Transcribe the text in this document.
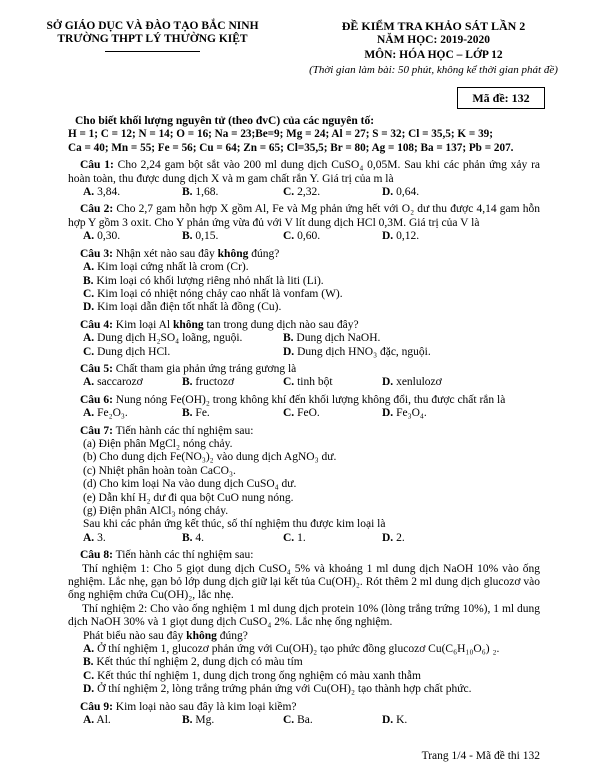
SỞ GIÁO DỤC VÀ ĐÀO TẠO BẮC NINH
TRƯỜNG THPT LÝ THƯỜNG KIỆT
ĐỀ KIỂM TRA KHẢO SÁT LẦN 2
NĂM HỌC: 2019-2020
MÔN: HÓA HỌC – LỚP 12
(Thời gian làm bài: 50 phút, không kể thời gian phát đề)
Mã đề: 132
Cho biết khối lượng nguyên tử (theo đvC) của các nguyên tố:
H = 1; C = 12; N = 14; O = 16; Na = 23;Be=9; Mg = 24; Al = 27; S = 32; Cl = 35,5; K = 39;
Ca = 40; Mn = 55; Fe = 56; Cu = 64; Zn = 65; Cl=35,5; Br = 80; Ag = 108; Ba = 137; Pb = 207.
Câu 1: Cho 2,24 gam bột sắt vào 200 ml dung dịch CuSO₄ 0,05M. Sau khi các phản ứng xảy ra hoàn toàn, thu được dung dịch X và m gam chất rắn Y. Giá trị của m là
A. 3,84.	B. 1,68.	C. 2,32.	D. 0,64.
Câu 2: Cho 2,7 gam hỗn hợp X gồm Al, Fe và Mg phản ứng hết với O₂ dư thu được 4,14 gam hỗn hợp Y gồm 3 oxit. Cho Y phản ứng vừa đủ với V lít dung dịch HCl 0,3M. Giá trị của V là
A. 0,30.	B. 0,15.	C. 0,60.	D. 0,12.
Câu 3: Nhận xét nào sau đây không đúng?
A. Kim loại cứng nhất là crom (Cr).
B. Kim loại có khối lượng riêng nhỏ nhất là liti (Li).
C. Kim loại có nhiệt nóng chảy cao nhất là vonfam (W).
D. Kim loại dẫn điện tốt nhất là đồng (Cu).
Câu 4: Kim loại Al không tan trong dung dịch nào sau đây?
A. Dung dịch H₂SO₄ loãng, nguội.	B. Dung dịch NaOH.
C. Dung dịch HCl.	D. Dung dịch HNO₃ đặc, nguội.
Câu 5: Chất tham gia phản ứng tráng gương là
A. saccarozơ	B. fructozơ	C. tinh bột	D. xenlulozơ
Câu 6: Nung nóng Fe(OH)₂ trong không khí đến khối lượng không đổi, thu được chất rắn là
A. Fe₂O₃.	B. Fe.	C. FeO.	D. Fe₃O₄.
Câu 7: Tiến hành các thí nghiệm sau:
(a) Điện phân MgCl₂ nóng chảy.
(b) Cho dung dịch Fe(NO₃)₂ vào dung dịch AgNO₃ dư.
(c) Nhiệt phân hoàn toàn CaCO₃.
(d) Cho kim loại Na vào dung dịch CuSO₄ dư.
(e) Dẫn khí H₂ dư đi qua bột CuO nung nóng.
(g) Điện phân AlCl₃ nóng chảy.
Sau khi các phản ứng kết thúc, số thí nghiệm thu được kim loại là
A. 3.	B. 4.	C. 1.	D. 2.
Câu 8: Tiến hành các thí nghiệm sau:
Thí nghiệm 1: Cho 5 giọt dung dịch CuSO₄ 5% và khoảng 1 ml dung dịch NaOH 10% vào ống nghiệm. Lắc nhẹ, gạn bỏ lớp dung dịch giữ lại kết tủa Cu(OH)₂. Rót thêm 2 ml dung dịch glucozơ vào ống nghiệm chứa Cu(OH)₂, lắc nhẹ.
Thí nghiệm 2: Cho vào ống nghiệm 1 ml dung dịch protein 10% (lòng trắng trứng 10%), 1 ml dung dịch NaOH 30% và 1 giọt dung dịch CuSO₄ 2%. Lắc nhẹ ống nghiệm.
Phát biểu nào sau đây không đúng?
A. Ở thí nghiệm 1, glucozơ phản ứng với Cu(OH)₂ tạo phức đồng glucozơ Cu(C₆H₁₀O₆) ₂.
B. Kết thúc thí nghiệm 2, dung dịch có màu tím
C. Kết thúc thí nghiệm 1, dung dịch trong ống nghiệm có màu xanh thẫm
D. Ở thí nghiệm 2, lòng trắng trứng phản ứng với Cu(OH)₂ tạo thành hợp chất phức.
Câu 9: Kim loại nào sau đây là kim loại kiềm?
A. Al.	B. Mg.	C. Ba.	D. K.
Trang 1/4 - Mã đề thi 132
